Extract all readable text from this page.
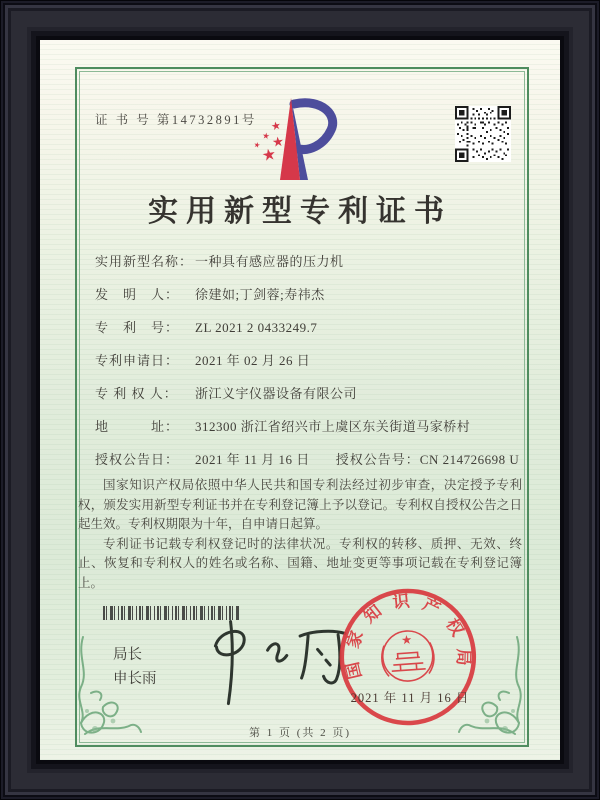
证 书 号 第14732891号
实用新型专利证书
实用新型名称： 一种具有感应器的压力机
发　明　人： 徐建如;丁剑蓉;寿祎杰
专　利　号： ZL 2021 2 0433249.7
专利申请日： 2021 年 02 月 26 日
专 利 权 人： 浙江义宇仪器设备有限公司
地　　　址： 312300 浙江省绍兴市上虞区东关街道马家桥村
授权公告日： 2021 年 11 月 16 日 授权公告号：CN 214726698 U

国家知识产权局依照中华人民共和国专利法经过初步审查，决定授予专利权，颁发实用新型专利证书并在专利登记簿上予以登记。专利权自授权公告之日起生效。专利权期限为十年，自申请日起算。

专利证书记载专利权登记时的法律状况。专利权的转移、质押、无效、终止、恢复和专利权人的姓名或名称、国籍、地址变更等事项记载在专利登记簿上。

局长
申长雨	国家知识产权局
2021 年 11 月 16 日
第 1 页 (共 2 页)
